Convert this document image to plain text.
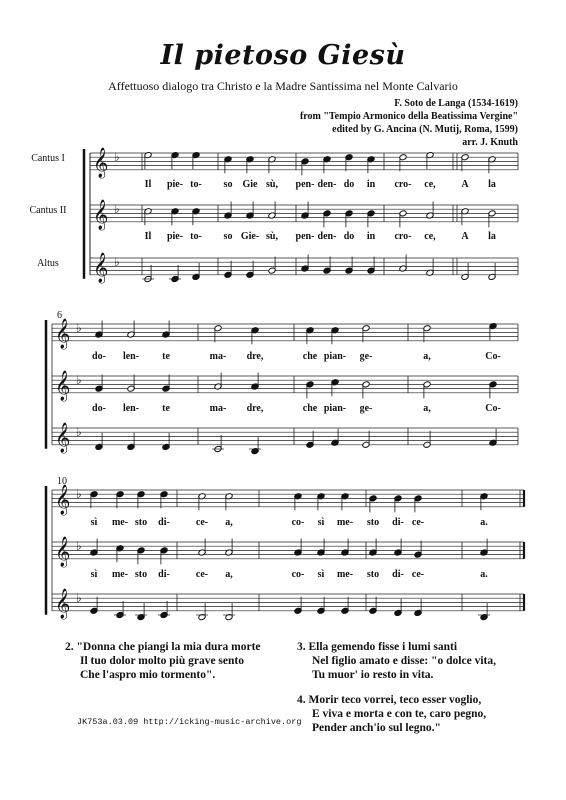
Il pietoso Giesù
Affettuoso dialogo tra Christo e la Madre Santissima nel Monte Calvario
F. Soto de Langa (1534-1619)
from "Tempio Armonico della Beatissima Vergine"
edited by G. Ancina (N. Mutij, Roma, 1599)
arr. J. Knuth
Cantus I
Cantus II
Altus
𝄞 ♭
𝄞 ♭
𝄞 ♭
Il pie- to- so Gie sù, pen- den- do in cro- ce,	A la
Il pie- to- so Gie- sù, pen- den- do in cro- ce,	A la
6
𝄞 ♭
𝄞 ♭
𝄞 ♭
do- len- te	ma- dre,	che pian- ge-	a,	Co-
do- len- te	ma- dre,	che pian- ge-	a,	Co-
10
𝄞 ♭
𝄞 ♭
𝄞 ♭
sì me- sto di-	ce- a,	co- sì me- sto di- ce-	a.
sì me- sto di-	ce- a,	co- sì me- sto di- ce-	a.
2. "Donna che piangi la mia dura morte
Il tuo dolor molto più grave sento
Che l'aspro mio tormento".
3. Ella gemendo fisse i lumi santi
Nel figlio amato e disse: "o dolce vita,
Tu muor' io resto in vita.
4. Morir teco vorrei, teco esser voglio,
E viva e morta e con te, caro pegno,
Pender anch'io sul legno."
JK753a.03.09 http://icking-music-archive.org
